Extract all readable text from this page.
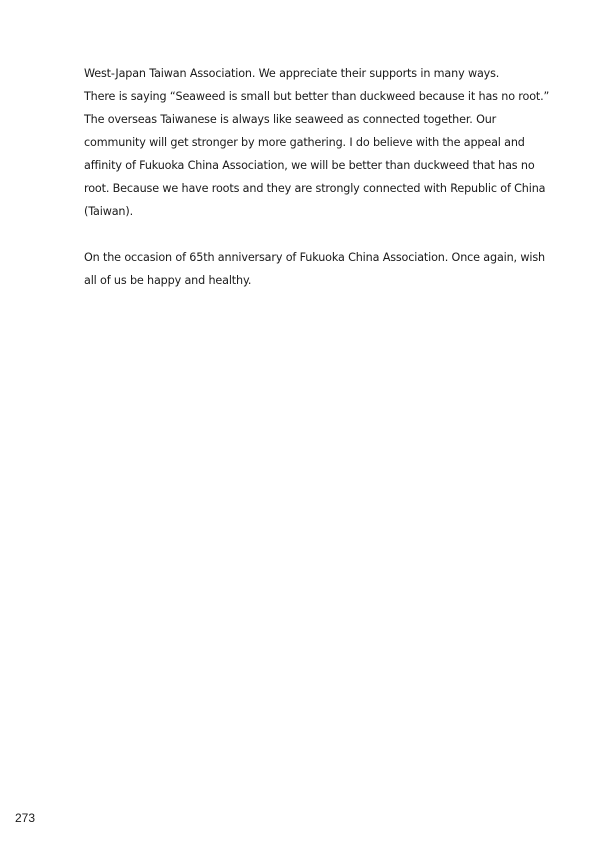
West-Japan Taiwan Association. We appreciate their supports in many ways.
There is saying “Seaweed is small but better than duckweed because it has no root.”
The overseas Taiwanese is always like seaweed as connected together. Our
community will get stronger by more gathering. I do believe with the appeal and
affinity of Fukuoka China Association, we will be better than duckweed that has no
root. Because we have roots and they are strongly connected with Republic of China
(Taiwan).

On the occasion of 65th anniversary of Fukuoka China Association. Once again, wish
all of us be happy and healthy.

273
